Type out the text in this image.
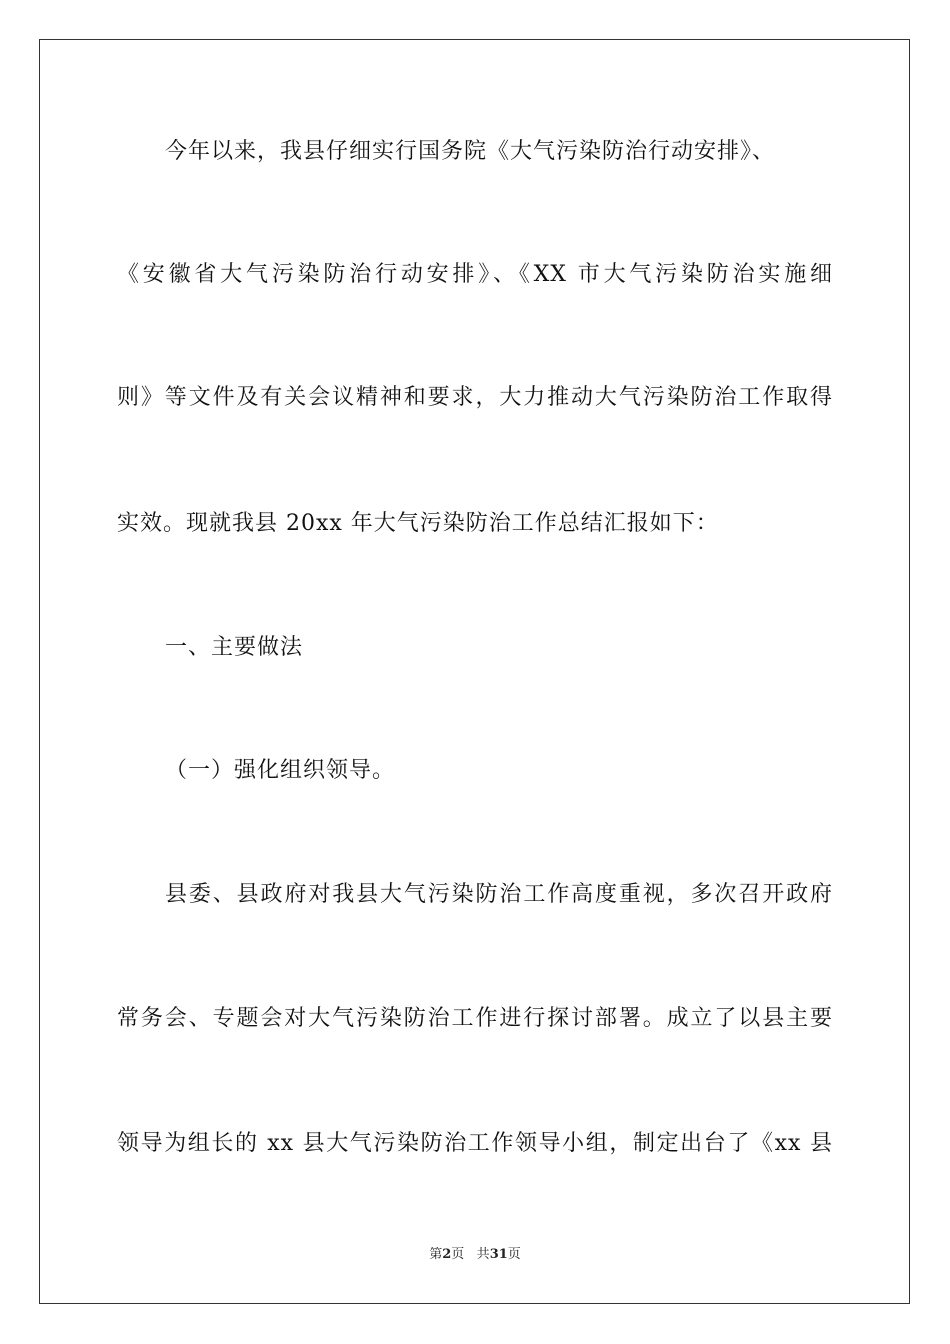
今年以来，我县仔细实行国务院《大气污染防治行动安排》、
《安徽省大气污染防治行动安排》、《XX 市大气污染防治实施细
则》等文件及有关会议精神和要求，大力推动大气污染防治工作取得
实效。现就我县 20xx 年大气污染防治工作总结汇报如下：
一、主要做法
（一）强化组织领导。
县委、县政府对我县大气污染防治工作高度重视，多次召开政府
常务会、专题会对大气污染防治工作进行探讨部署。成立了以县主要
领导为组长的 xx 县大气污染防治工作领导小组，制定出台了《xx 县
第2页 共31页
